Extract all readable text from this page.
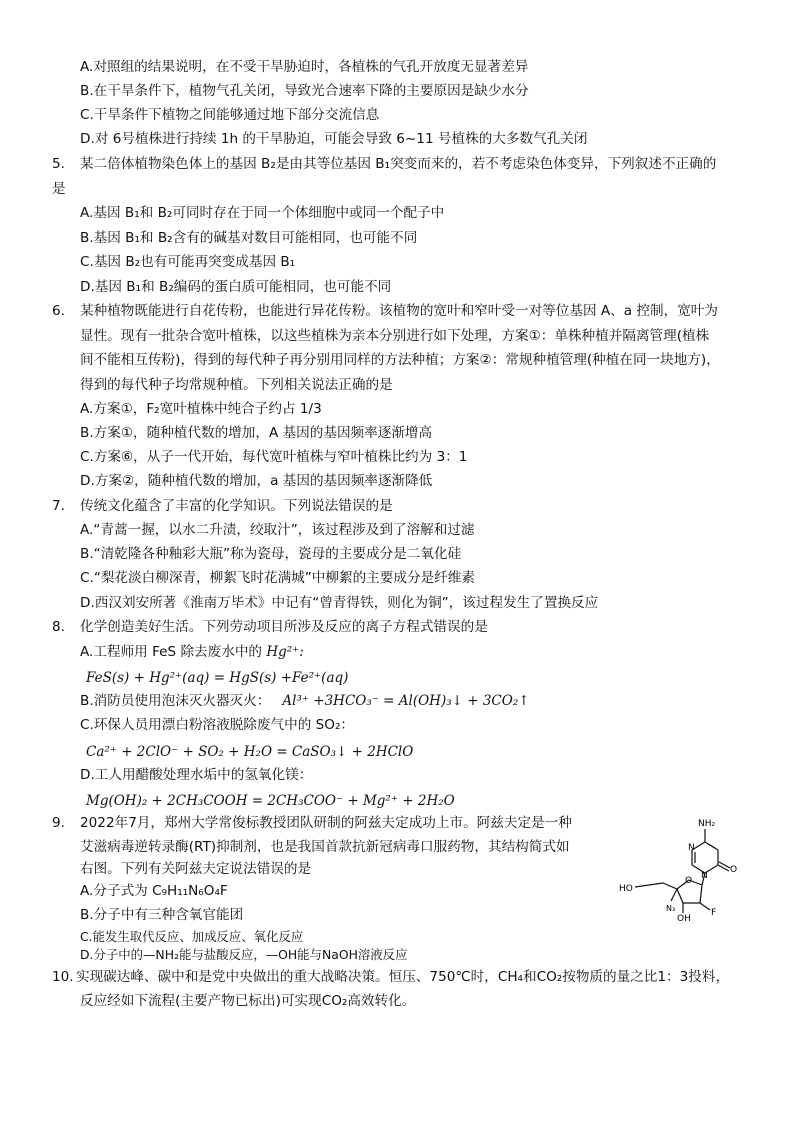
A.对照组的结果说明，在不受干旱胁迫时，各植株的气孔开放度无显著差异
B.在干旱条件下，植物气孔关闭，导致光合速率下降的主要原因是缺少水分
C.干旱条件下植物之间能够通过地下部分交流信息
D.对 6号植株进行持续 1h 的干旱胁迫，可能会导致 6~11 号植株的大多数气孔关闭
5. 某二倍体植物染色体上的基因 B₂是由其等位基因 B₁突变而来的，若不考虑染色体变异，下列叙述不正确的
是
A.基因 B₁和 B₂可同时存在于同一个体细胞中或同一个配子中
B.基因 B₁和 B₂含有的碱基对数目可能相同，也可能不同
C.基因 B₂也有可能再突变成基因 B₁
D.基因 B₁和 B₂编码的蛋白质可能相同，也可能不同
6. 某种植物既能进行自花传粉，也能进行异花传粉。该植物的宽叶和窄叶受一对等位基因 A、a 控制，宽叶为
显性。现有一批杂合宽叶植株，以这些植株为亲本分别进行如下处理，方案①：单株种植并隔离管理(植株
间不能相互传粉)，得到的每代种子再分别用同样的方法种植；方案②：常规种植管理(种植在同一块地方)，
得到的每代种子均常规种植。下列相关说法正确的是
A.方案①，F₂宽叶植株中纯合子约占 1/3
B.方案①，随种植代数的增加，A 基因的基因频率逐渐增高
C.方案⑥，从子一代开始，每代宽叶植株与窄叶植株比约为 3：1
D.方案②，随种植代数的增加，a 基因的基因频率逐渐降低
7. 传统文化蕴含了丰富的化学知识。下列说法错误的是
A.“青蒿一握，以水二升渍，绞取汁”，该过程涉及到了溶解和过滤
B.“清乾隆各种釉彩大瓶”称为瓷母，瓷母的主要成分是二氧化硅
C.“梨花淡白柳深青，柳絮飞时花满城”中柳絮的主要成分是纤维素
D.西汉刘安所著《淮南万毕术》中记有“曾青得铁，则化为铜”，该过程发生了置换反应
8. 化学创造美好生活。下列劳动项目所涉及反应的离子方程式错误的是
A.工程师用 FeS 除去废水中的 Hg²⁺:
FeS(s) + Hg²⁺(aq) = HgS(s) +Fe²⁺(aq)
B.消防员使用泡沫灭火器灭火： Al³⁺ +3HCO₃⁻ = Al(OH)₃↓ + 3CO₂↑
C.环保人员用漂白粉溶液脱除废气中的 SO₂：
Ca²⁺ + 2ClO⁻ + SO₂ + H₂O = CaSO₃↓ + 2HClO
D.工人用醋酸处理水垢中的氢氧化镁：
Mg(OH)₂ + 2CH₃COOH = 2CH₃COO⁻ + Mg²⁺ + 2H₂O
9. 2022年7月，郑州大学常俊标教授团队研制的阿兹夫定成功上市。阿兹夫定是一种
艾滋病毒逆转录酶(RT)抑制剂，也是我国首款抗新冠病毒口服药物，其结构简式如
右图。下列有关阿兹夫定说法错误的是
A.分子式为 C₉H₁₁N₆O₄F
B.分子中有三种含氧官能团
C.能发生取代反应、加成反应、氧化反应
D.分子中的—NH₂能与盐酸反应，—OH能与NaOH溶液反应
NH₂
N
N
O
O
HO
N₃
OH
F
10. 实现碳达峰、碳中和是党中央做出的重大战略决策。恒压、750℃时，CH₄和CO₂按物质的量之比1：3投料，
反应经如下流程(主要产物已标出)可实现CO₂高效转化。
